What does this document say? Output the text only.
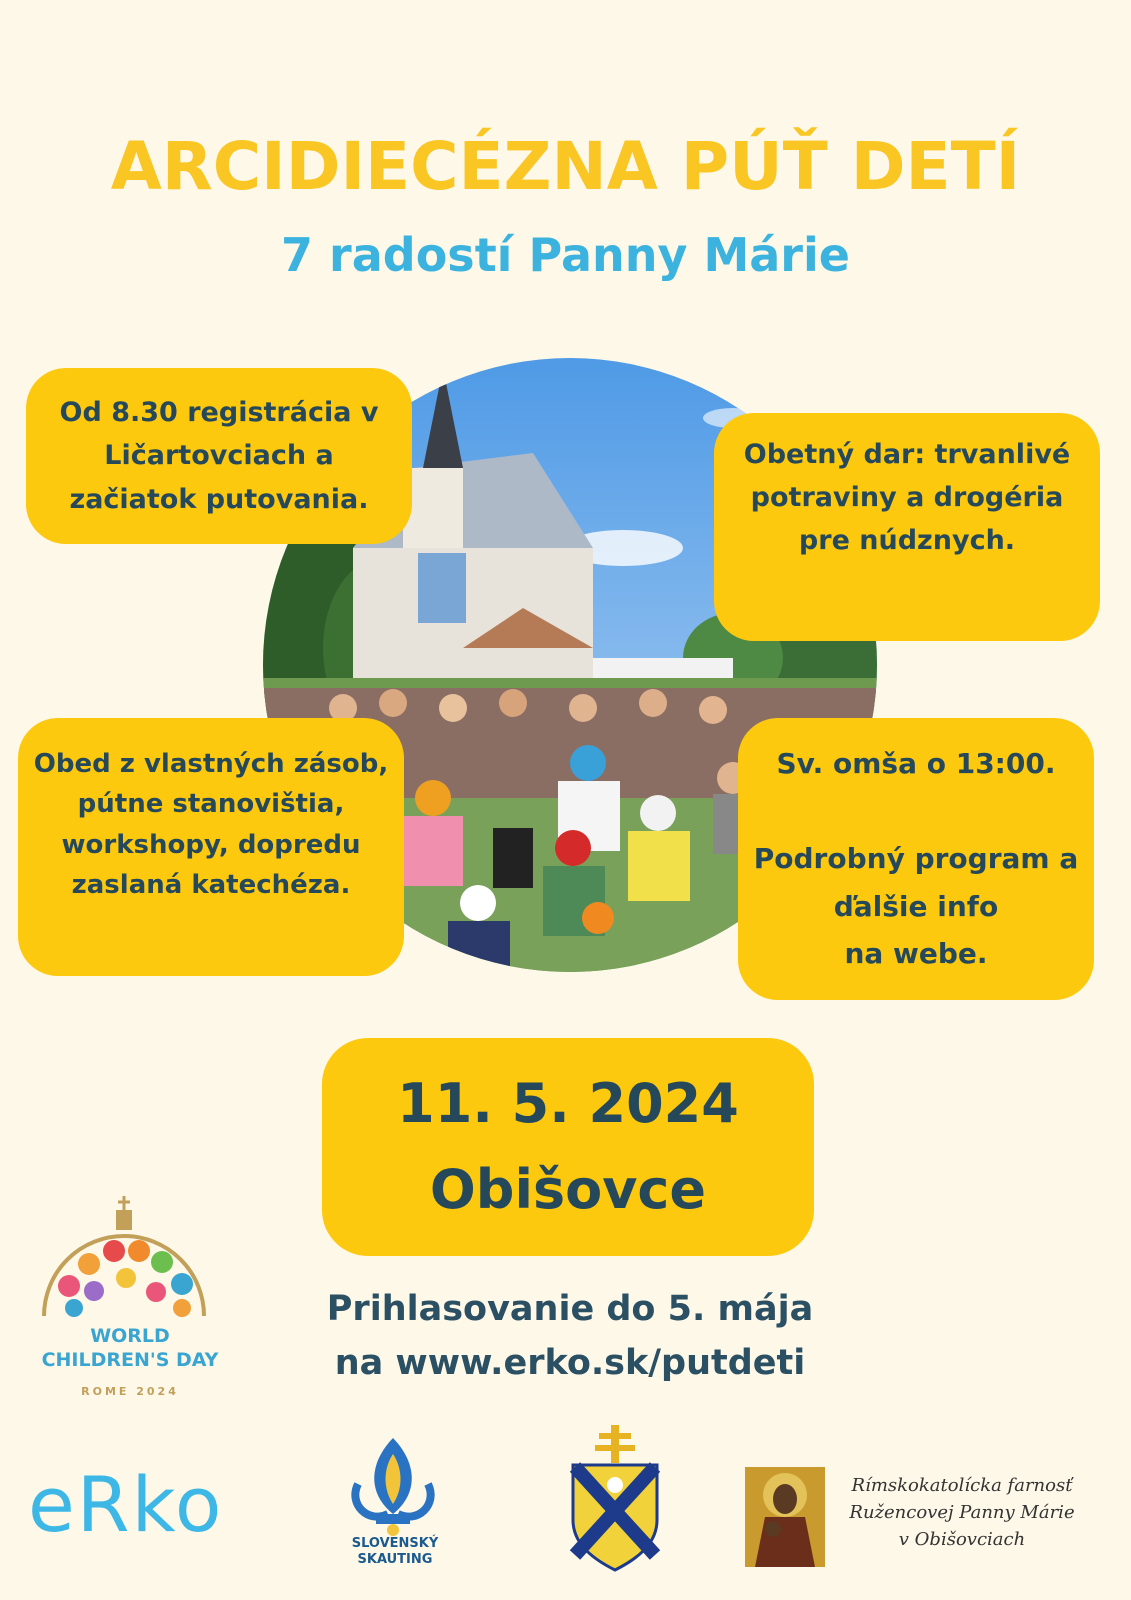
ARCIDIECÉZNA PÚŤ DETÍ
7 radostí Panny Márie
Od 8.30 registrácia v
Ličartovciach a
začiatok putovania.
Obetný dar: trvanlivé
potraviny a drogéria
pre núdznych.
Obed z vlastných zásob,
pútne stanovištia,
workshopy, dopredu
zaslaná katechéza.
Sv. omša o 13:00.

Podrobný program a
ďalšie info
na webe.
11. 5. 2024
Obišovce
Prihlasovanie do 5. mája
na www.erko.sk/putdeti
WORLD
CHILDREN'S DAY
ROME 2024
eRko	SLOVENSKÝ
SKAUTING
Rímskokatolícka farnosť
Ružencovej Panny Márie
v Obišovciach
